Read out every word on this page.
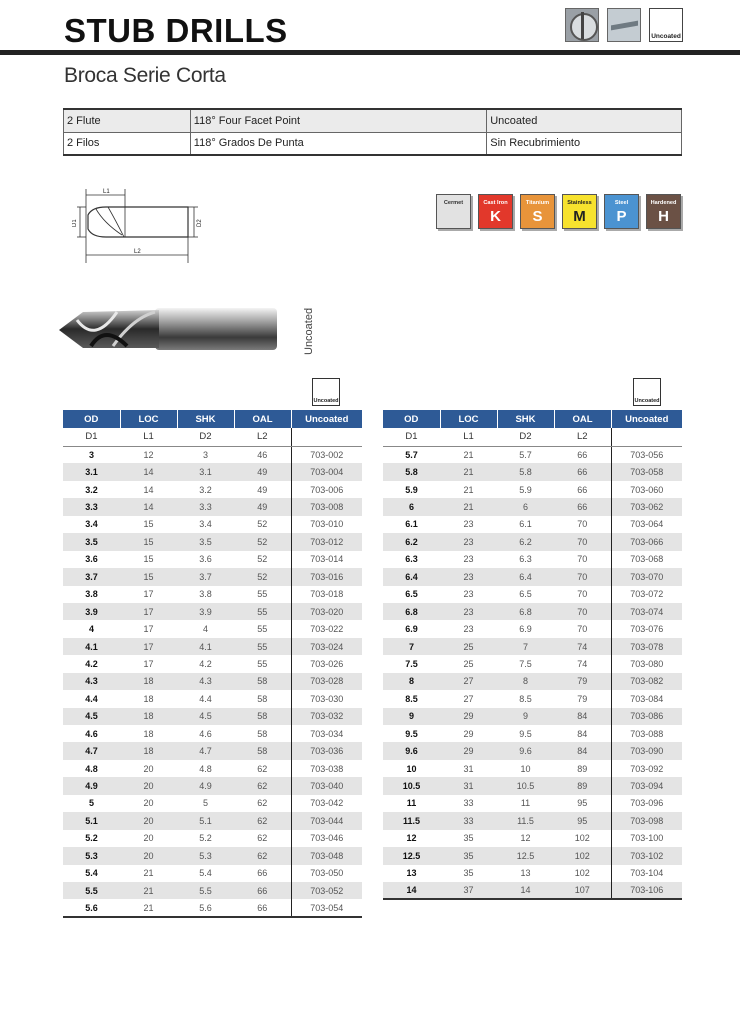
STUB DRILLS
Broca Serie Corta
Uncoated
2 Flute	118° Four Facet Point	Uncoated
2 Filos	118° Grados De Punta	Sin Recubrimiento
L1
L2
D1	D2
Cermet	Cast Iron
K
Titanium
S
Stainless
M
Steel
P
Hardened
H
Uncoated
Uncoated	Uncoated
OD	LOC	SHK	OAL	Uncoated
D1	L1	D2	L2	
3	12	3	46	703-002
3.1	14	3.1	49	703-004
3.2	14	3.2	49	703-006
3.3	14	3.3	49	703-008
3.4	15	3.4	52	703-010
3.5	15	3.5	52	703-012
3.6	15	3.6	52	703-014
3.7	15	3.7	52	703-016
3.8	17	3.8	55	703-018
3.9	17	3.9	55	703-020
4	17	4	55	703-022
4.1	17	4.1	55	703-024
4.2	17	4.2	55	703-026
4.3	18	4.3	58	703-028
4.4	18	4.4	58	703-030
4.5	18	4.5	58	703-032
4.6	18	4.6	58	703-034
4.7	18	4.7	58	703-036
4.8	20	4.8	62	703-038
4.9	20	4.9	62	703-040
5	20	5	62	703-042
5.1	20	5.1	62	703-044
5.2	20	5.2	62	703-046
5.3	20	5.3	62	703-048
5.4	21	5.4	66	703-050
5.5	21	5.5	66	703-052
5.6	21	5.6	66	703-054
OD	LOC	SHK	OAL	Uncoated
D1	L1	D2	L2	
5.7	21	5.7	66	703-056
5.8	21	5.8	66	703-058
5.9	21	5.9	66	703-060
6	21	6	66	703-062
6.1	23	6.1	70	703-064
6.2	23	6.2	70	703-066
6.3	23	6.3	70	703-068
6.4	23	6.4	70	703-070
6.5	23	6.5	70	703-072
6.8	23	6.8	70	703-074
6.9	23	6.9	70	703-076
7	25	7	74	703-078
7.5	25	7.5	74	703-080
8	27	8	79	703-082
8.5	27	8.5	79	703-084
9	29	9	84	703-086
9.5	29	9.5	84	703-088
9.6	29	9.6	84	703-090
10	31	10	89	703-092
10.5	31	10.5	89	703-094
11	33	11	95	703-096
11.5	33	11.5	95	703-098
12	35	12	102	703-100
12.5	35	12.5	102	703-102
13	35	13	102	703-104
14	37	14	107	703-106
